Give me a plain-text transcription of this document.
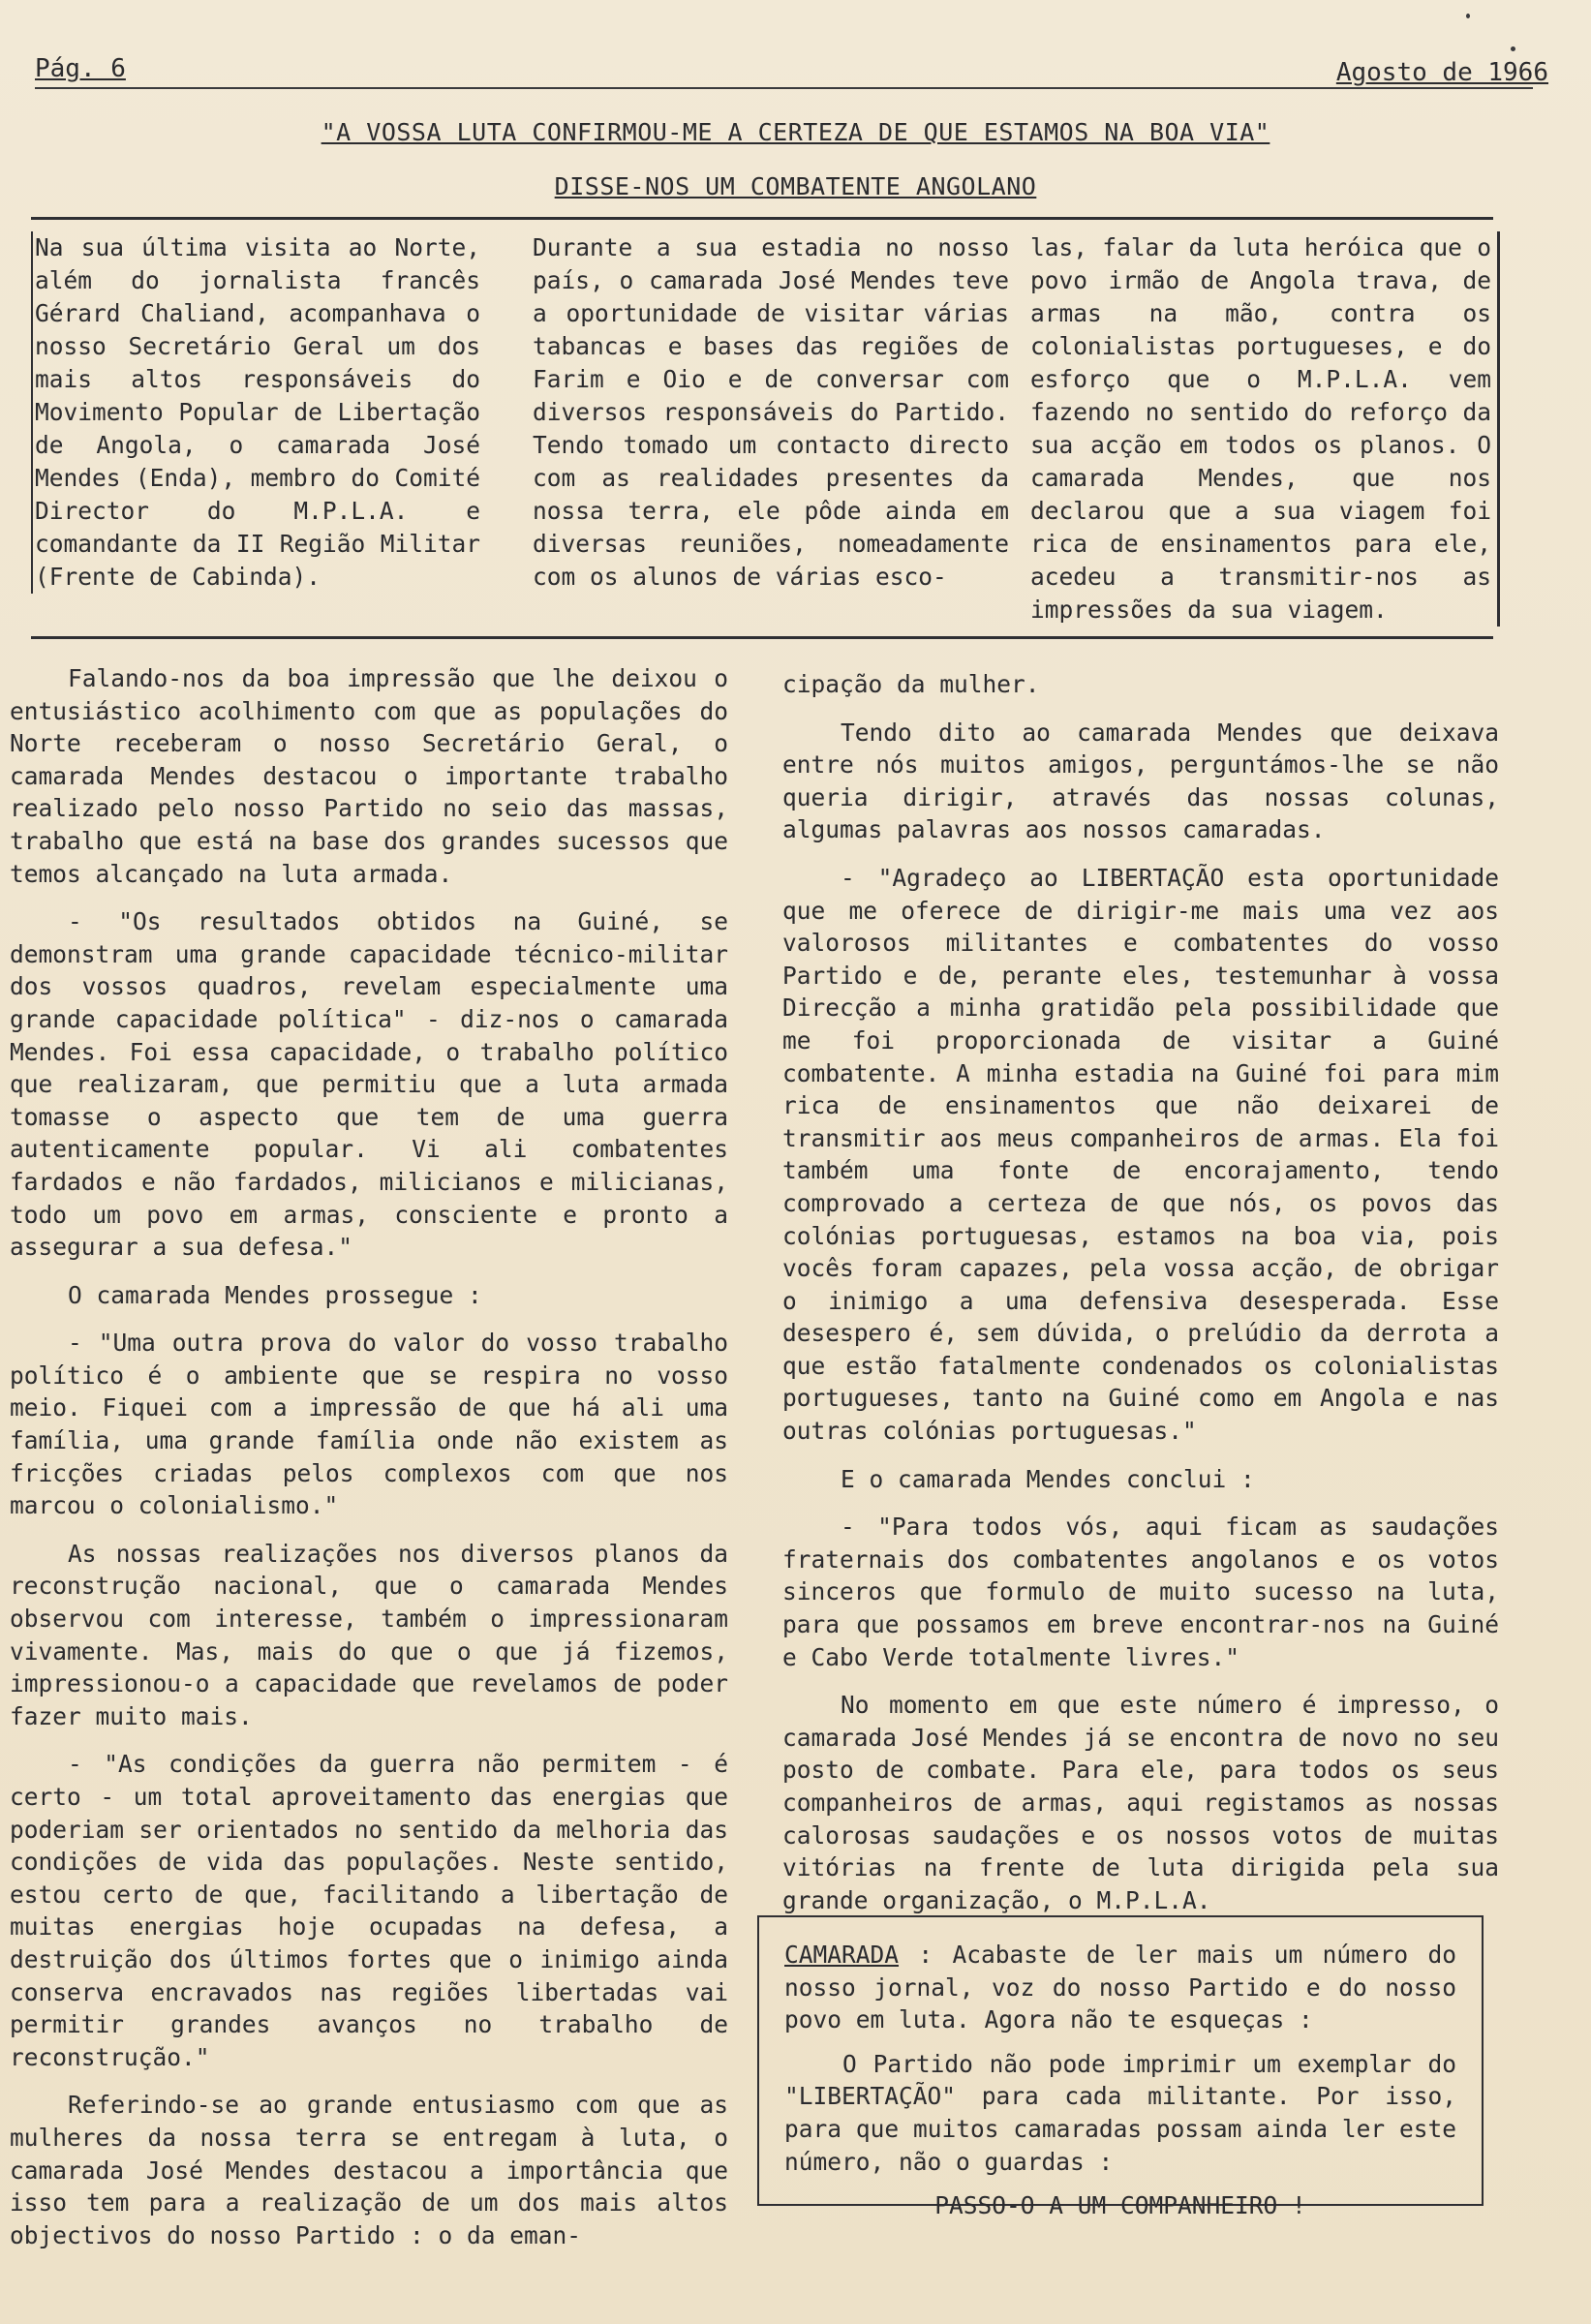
Pág. 6	Agosto de 1966
"A VOSSA LUTA CONFIRMOU-ME A CERTEZA DE QUE ESTAMOS NA BOA VIA"
DISSE-NOS UM COMBATENTE ANGOLANO
Na sua última visita ao Norte, além do jornalista francês Gérard Chaliand, acompanhava o nosso Secretário Geral um dos mais altos responsáveis do Movimento Popular de Libertação de Angola, o camarada José Mendes (Enda), membro do Comité Director do M.P.L.A. e comandante da II Região Militar (Frente de Cabinda).
Durante a sua estadia no nosso país, o camarada José Mendes teve a oportunidade de visitar várias tabancas e bases das regiões de Farim e Oio e de conversar com diversos responsáveis do Partido. Tendo tomado um contacto directo com as realidades presentes da nossa terra, ele pôde ainda em diversas reuniões, nomeadamente com os alunos de várias esco-
las, falar da luta heróica que o povo irmão de Angola trava, de armas na mão, contra os colonialistas portugueses, e do esforço que o M.P.L.A. vem fazendo no sentido do reforço da sua acção em todos os planos. O camarada Mendes, que nos declarou que a sua viagem foi rica de ensinamentos para ele, acedeu a transmitir-nos as impressões da sua viagem.

Falando-nos da boa impressão que lhe deixou o entusiástico acolhimento com que as populações do Norte receberam o nosso Secretário Geral, o camarada Mendes destacou o importante trabalho realizado pelo nosso Partido no seio das massas, trabalho que está na base dos grandes sucessos que temos alcançado na luta armada.

- "Os resultados obtidos na Guiné, se demonstram uma grande capacidade técnico-militar dos vossos quadros, revelam especialmente uma grande capacidade política" - diz-nos o camarada Mendes. Foi essa capacidade, o trabalho político que realizaram, que permitiu que a luta armada tomasse o aspecto que tem de uma guerra autenticamente popular. Vi ali combatentes fardados e não fardados, milicianos e milicianas, todo um povo em armas, consciente e pronto a assegurar a sua defesa."

O camarada Mendes prossegue :

- "Uma outra prova do valor do vosso trabalho político é o ambiente que se respira no vosso meio. Fiquei com a impressão de que há ali uma família, uma grande família onde não existem as fricções criadas pelos complexos com que nos marcou o colonialismo."

As nossas realizações nos diversos planos da reconstrução nacional, que o camarada Mendes observou com interesse, também o impressionaram vivamente. Mas, mais do que o que já fizemos, impressionou-o a capacidade que revelamos de poder fazer muito mais.

- "As condições da guerra não permitem - é certo - um total aproveitamento das energias que poderiam ser orientados no sentido da melhoria das condições de vida das populações. Neste sentido, estou certo de que, facilitando a libertação de muitas energias hoje ocupadas na defesa, a destruição dos últimos fortes que o inimigo ainda conserva encravados nas regiões libertadas vai permitir grandes avanços no trabalho de reconstrução."

Referindo-se ao grande entusiasmo com que as mulheres da nossa terra se entregam à luta, o camarada José Mendes destacou a importância que isso tem para a realização de um dos mais altos objectivos do nosso Partido : o da eman-

cipação da mulher.

Tendo dito ao camarada Mendes que deixava entre nós muitos amigos, perguntámos-lhe se não queria dirigir, através das nossas colunas, algumas palavras aos nossos camaradas.

- "Agradeço ao LIBERTAÇÃO esta oportunidade que me oferece de dirigir-me mais uma vez aos valorosos militantes e combatentes do vosso Partido e de, perante eles, testemunhar à vossa Direcção a minha gratidão pela possibilidade que me foi proporcionada de visitar a Guiné combatente. A minha estadia na Guiné foi para mim rica de ensinamentos que não deixarei de transmitir aos meus companheiros de armas. Ela foi também uma fonte de encorajamento, tendo comprovado a certeza de que nós, os povos das colónias portuguesas, estamos na boa via, pois vocês foram capazes, pela vossa acção, de obrigar o inimigo a uma defensiva desesperada. Esse desespero é, sem dúvida, o prelúdio da derrota a que estão fatalmente condenados os colonialistas portugueses, tanto na Guiné como em Angola e nas outras colónias portuguesas."

E o camarada Mendes conclui :

- "Para todos vós, aqui ficam as saudações fraternais dos combatentes angolanos e os votos sinceros que formulo de muito sucesso na luta, para que possamos em breve encontrar-nos na Guiné e Cabo Verde totalmente livres."

No momento em que este número é impresso, o camarada José Mendes já se encontra de novo no seu posto de combate. Para ele, para todos os seus companheiros de armas, aqui registamos as nossas calorosas saudações e os nossos votos de muitas vitórias na frente de luta dirigida pela sua grande organização, o M.P.L.A.

CAMARADA : Acabaste de ler mais um número do nosso jornal, voz do nosso Partido e do nosso povo em luta. Agora não te esqueças :

O Partido não pode imprimir um exemplar do "LIBERTAÇÃO" para cada militante. Por isso, para que muitos camaradas possam ainda ler este número, não o guardas :

PASSO-O A UM COMPANHEIRO !
